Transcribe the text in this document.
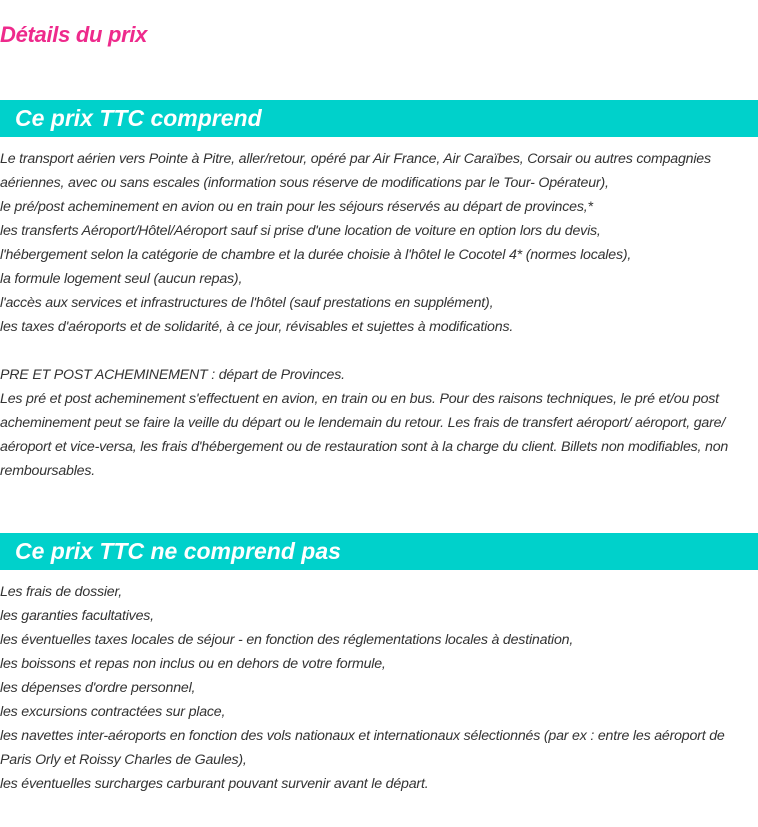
Détails du prix
Ce prix TTC comprend
Le transport aérien vers Pointe à Pitre, aller/retour, opéré par Air France, Air Caraïbes, Corsair ou autres compagnies aériennes, avec ou sans escales (information sous réserve de modifications par le Tour- Opérateur),
le pré/post acheminement en avion ou en train pour les séjours réservés au départ de provinces,*
les transferts Aéroport/Hôtel/Aéroport sauf si prise d'une location de voiture en option lors du devis,
l'hébergement selon la catégorie de chambre et la durée choisie à l'hôtel le Cocotel 4* (normes locales),
la formule logement seul (aucun repas),
l'accès aux services et infrastructures de l'hôtel (sauf prestations en supplément),
les taxes d'aéroports et de solidarité, à ce jour, révisables et sujettes à modifications.
PRE ET POST ACHEMINEMENT : départ de Provinces.
Les pré et post acheminement s'effectuent en avion, en train ou en bus. Pour des raisons techniques, le pré et/ou post acheminement peut se faire la veille du départ ou le lendemain du retour. Les frais de transfert aéroport/ aéroport, gare/ aéroport et vice-versa, les frais d'hébergement ou de restauration sont à la charge du client. Billets non modifiables, non remboursables.
Ce prix TTC ne comprend pas
Les frais de dossier,
les garanties facultatives,
les éventuelles taxes locales de séjour - en fonction des réglementations locales à destination,
les boissons et repas non inclus ou en dehors de votre formule,
les dépenses d'ordre personnel,
les excursions contractées sur place,
les navettes inter-aéroports en fonction des vols nationaux et internationaux sélectionnés (par ex : entre les aéroport de Paris Orly et Roissy Charles de Gaules),
les éventuelles surcharges carburant pouvant survenir avant le départ.
